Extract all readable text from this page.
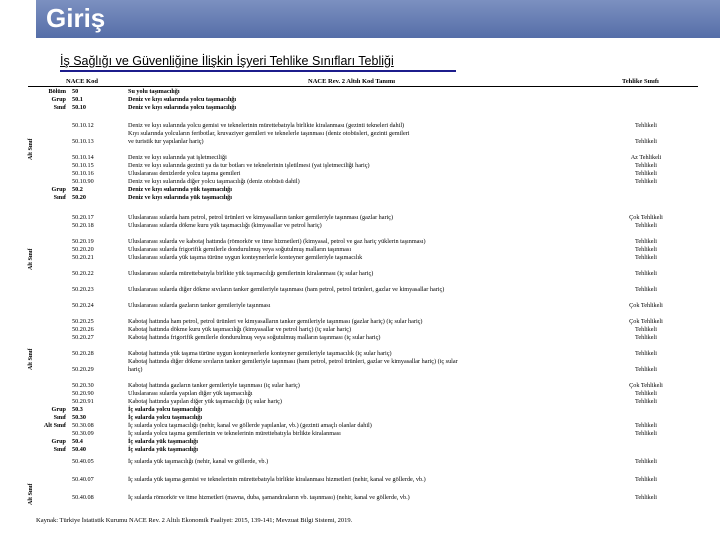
Giriş
İş Sağlığı ve Güvenliğine İlişkin İşyeri Tehlike Sınıfları Tebliği
NACE Kod	NACE Rev. 2 Altılı Kod Tanımı	Tehlike Sınıfı
Bölüm 50	Su yolu taşımacılığı
Grup 50.1	Deniz ve kıyı sularında yolcu taşımacılığı
Sınıf 50.10	Deniz ve kıyı sularında yolcu taşımacılığı
50.10.12	Deniz ve kıyı sularında yolcu gemisi ve teknelerinin mürettebatıyla birlikte kiralanması (gezinti tekneleri dahil)	Tehlikeli
Kıyı sularında yolcuların feribotlar, kruvaziyer gemileri ve teknelerle taşınması (deniz otobüsleri, gezinti gemileri
50.10.13	ve turistik tur yapılanlar hariç)	Tehlikeli
50.10.14	Deniz ve kıyı sularında yat işletmeciliği	Az Tehlikeli
50.10.15	Deniz ve kıyı sularında gezinti ya da tur botları ve teknelerinin işletilmesi (yat işletmeciliği hariç)	Tehlikeli
50.10.16	Uluslararası denizlerde yolcu taşıma gemileri	Tehlikeli
50.10.90	Deniz ve kıyı sularında diğer yolcu taşımacılığı (deniz otobüsü dahil)	Tehlikeli
Grup 50.2	Deniz ve kıyı sularında yük taşımacılığı
Sınıf 50.20	Deniz ve kıyı sularında yük taşımacılığı
50.20.17	Uluslararası sularda ham petrol, petrol ürünleri ve kimyasalların tanker gemileriyle taşınması (gazlar hariç)	Çok Tehlikeli
50.20.18	Uluslararası sularda dökme kuru yük taşımacılığı (kimyasallar ve petrol hariç)	Tehlikeli
50.20.19	Uluslararası sularda ve kabotaj hattında (römorkör ve itme hizmetleri) (kimyasal, petrol ve gaz hariç yüklerin taşınması)	Tehlikeli
50.20.20	Uluslararası sularda frigorifik gemilerle dondurulmuş veya soğutulmuş malların taşınması	Tehlikeli
50.20.21	Uluslararası sularda yük taşıma türüne uygun konteynerlerle konteyner gemileriyle taşımacılık	Tehlikeli
50.20.22	Uluslararası sularda mürettebatıyla birlikte yük taşımacılığı gemilerinin kiralanması (iç sular hariç)	Tehlikeli
50.20.23	Uluslararası sularda diğer dökme sıvıların tanker gemileriyle taşınması (ham petrol, petrol ürünleri, gazlar ve kimyasallar hariç)	Tehlikeli
50.20.24	Uluslararası sularda gazların tanker gemileriyle taşınması	Çok Tehlikeli
50.20.25	Kabotaj hattında ham petrol, petrol ürünleri ve kimyasalların tanker gemileriyle taşınması (gazlar hariç) (iç sular hariç)	Çok Tehlikeli
50.20.26	Kabotaj hattında dökme kuru yük taşımacılığı (kimyasallar ve petrol hariç) (iç sular hariç)	Tehlikeli
50.20.27	Kabotaj hattında frigorifik gemilerle dondurulmuş veya soğutulmuş malların taşınması (iç sular hariç)	Tehlikeli
50.20.28	Kabotaj hattında yük taşıma türüne uygun konteynerlerle konteyner gemileriyle taşımacılık (iç sular hariç)	Tehlikeli
Kabotaj hattında diğer dökme sıvıların tanker gemileriyle taşınması (ham petrol, petrol ürünleri, gazlar ve kimyasallar hariç) (iç sular
50.20.29	hariç)	Tehlikeli
50.20.30	Kabotaj hattında gazların tanker gemileriyle taşınması (iç sular hariç)	Çok Tehlikeli
50.20.90	Uluslararası sularda yapılan diğer yük taşımacılığı	Tehlikeli
50.20.91	Kabotaj hattında yapılan diğer yük taşımacılığı (iç sular hariç)	Tehlikeli
Grup 50.3	İç sularda yolcu taşımacılığı
Sınıf 50.30	İç sularda yolcu taşımacılığı
Alt Sınıf 50.30.08	İç sularda yolcu taşımacılığı (nehir, kanal ve göllerde yapılanlar, vb.) (gezinti amaçlı olanlar dahil)	Tehlikeli
50.30.09	İç sularda yolcu taşıma gemilerinin ve teknelerinin mürettebatıyla birlikte kiralanması	Tehlikeli
Grup 50.4	İç sularda yük taşımacılığı
Sınıf 50.40	İç sularda yük taşımacılığı
50.40.05	İç sularda yük taşımacılığı (nehir, kanal ve göllerde, vb.)	Tehlikeli
50.40.07	İç sularda yük taşıma gemisi ve teknelerinin mürettebatıyla birlikte kiralanması hizmetleri (nehir, kanal ve göllerde, vb.)	Tehlikeli
50.40.08	İç sularda römorkör ve itme hizmetleri (mavna, duba, şamandıraların vb. taşınması) (nehir, kanal ve göllerde, vb.)	Tehlikeli
Alt Sınıf
Alt Sınıf
Alt Sınıf
Alt Sınıf
Kaynak: Türkiye İstatistik Kurumu NACE Rev. 2 Altılı Ekonomik Faaliyet: 2015, 139-141; Mevzuat Bilgi Sistemi, 2019.
